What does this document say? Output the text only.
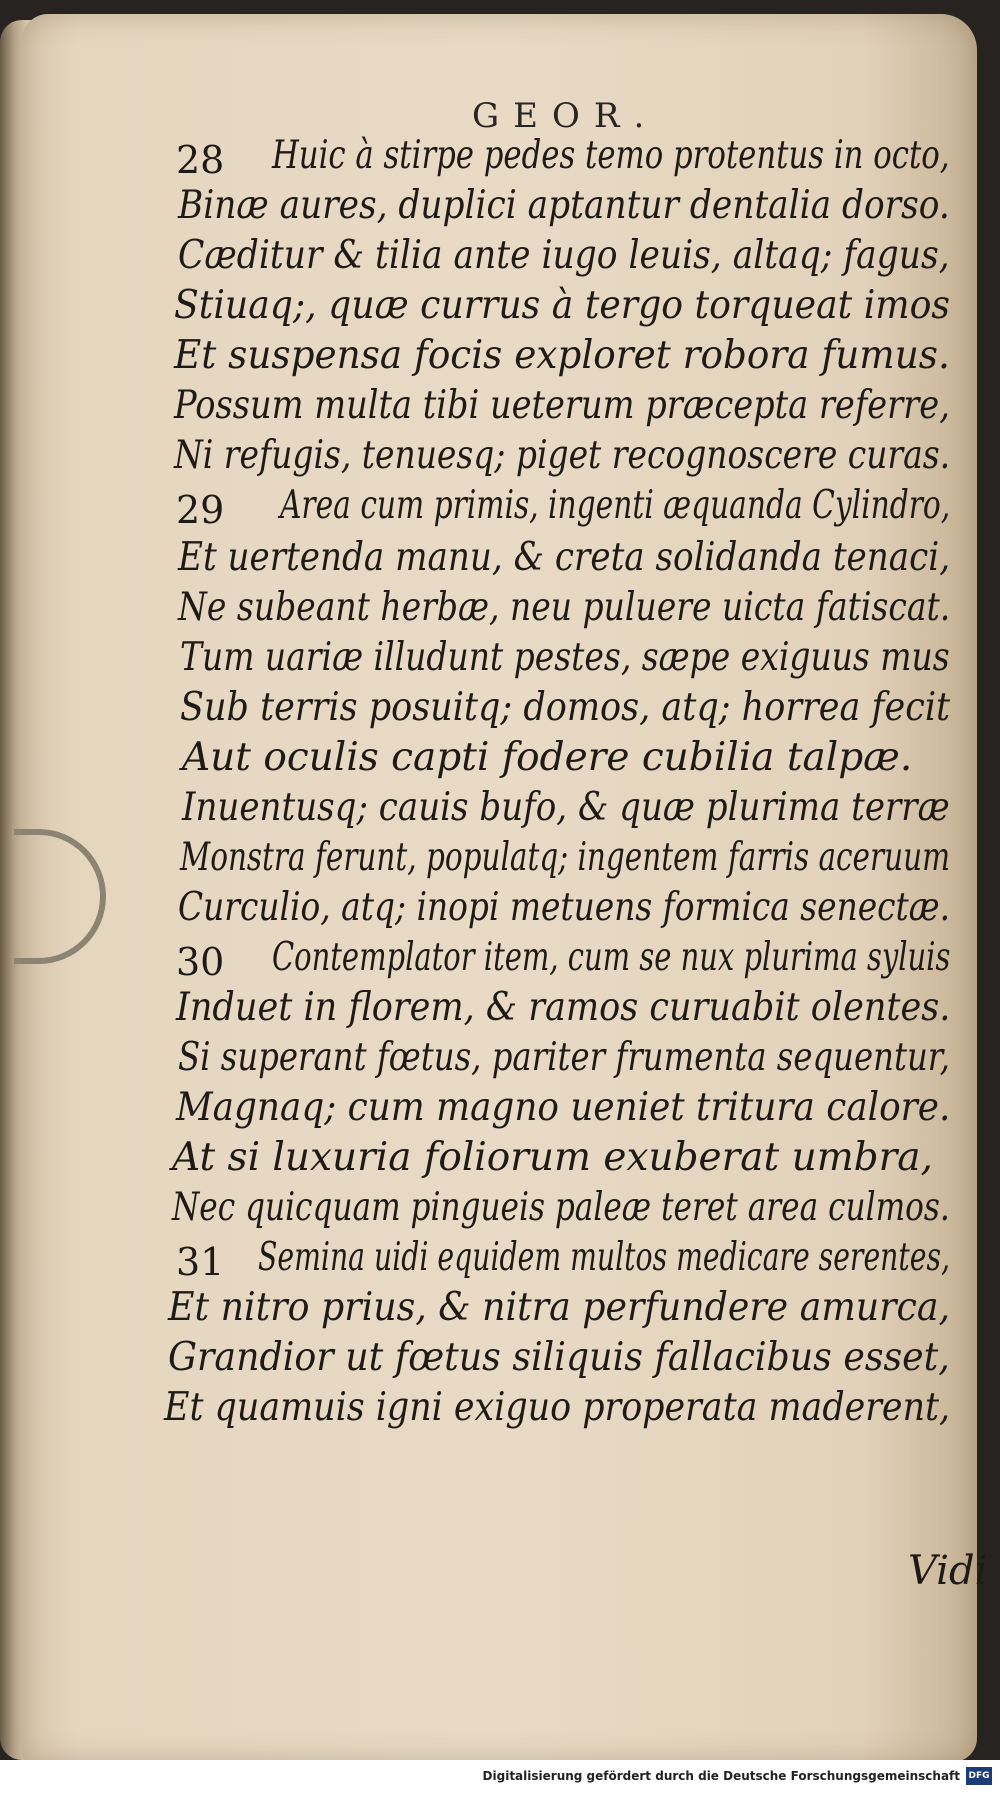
GEOR.
28 Huic à stirpe pedes temo protentus in octo,
Binæ aures, duplici aptantur dentalia dorso.
Cæditur & tilia ante iugo leuis, altaq; fagus,
Stiuaq;, quæ currus à tergo torqueat imos
Et suspensa focis exploret robora fumus.
Possum multa tibi ueterum præcepta referre,
Ni refugis, tenuesq; piget recognoscere curas.
29 Area cum primis, ingenti æquanda Cylindro,
Et uertenda manu, & creta solidanda tenaci,
Ne subeant herbæ, neu puluere uicta fatiscat.
Tum uariæ illudunt pestes, sæpe exiguus mus
Sub terris posuitq; domos, atq; horrea fecit
Aut oculis capti fodere cubilia talpæ.
Inuentusq; cauis bufo, & quæ plurima terræ
Monstra ferunt, populatq; ingentem farris aceruum
Curculio, atq; inopi metuens formica senectæ.
30 Contemplator item, cum se nux plurima syluis
Induet in florem, & ramos curuabit olentes.
Si superant fœtus, pariter frumenta sequentur,
Magnaq; cum magno ueniet tritura calore.
At si luxuria foliorum exuberat umbra,
Nec quicquam pingueis paleæ teret area culmos.
31 Semina uidi equidem multos medicare serentes,
Et nitro prius, & nitra perfundere amurca,
Grandior ut fœtus siliquis fallacibus esset,
Et quamuis igni exiguo properata maderent,
Vidi
Digitalisierung gefördert durch die Deutsche Forschungsgemeinschaft DFG
